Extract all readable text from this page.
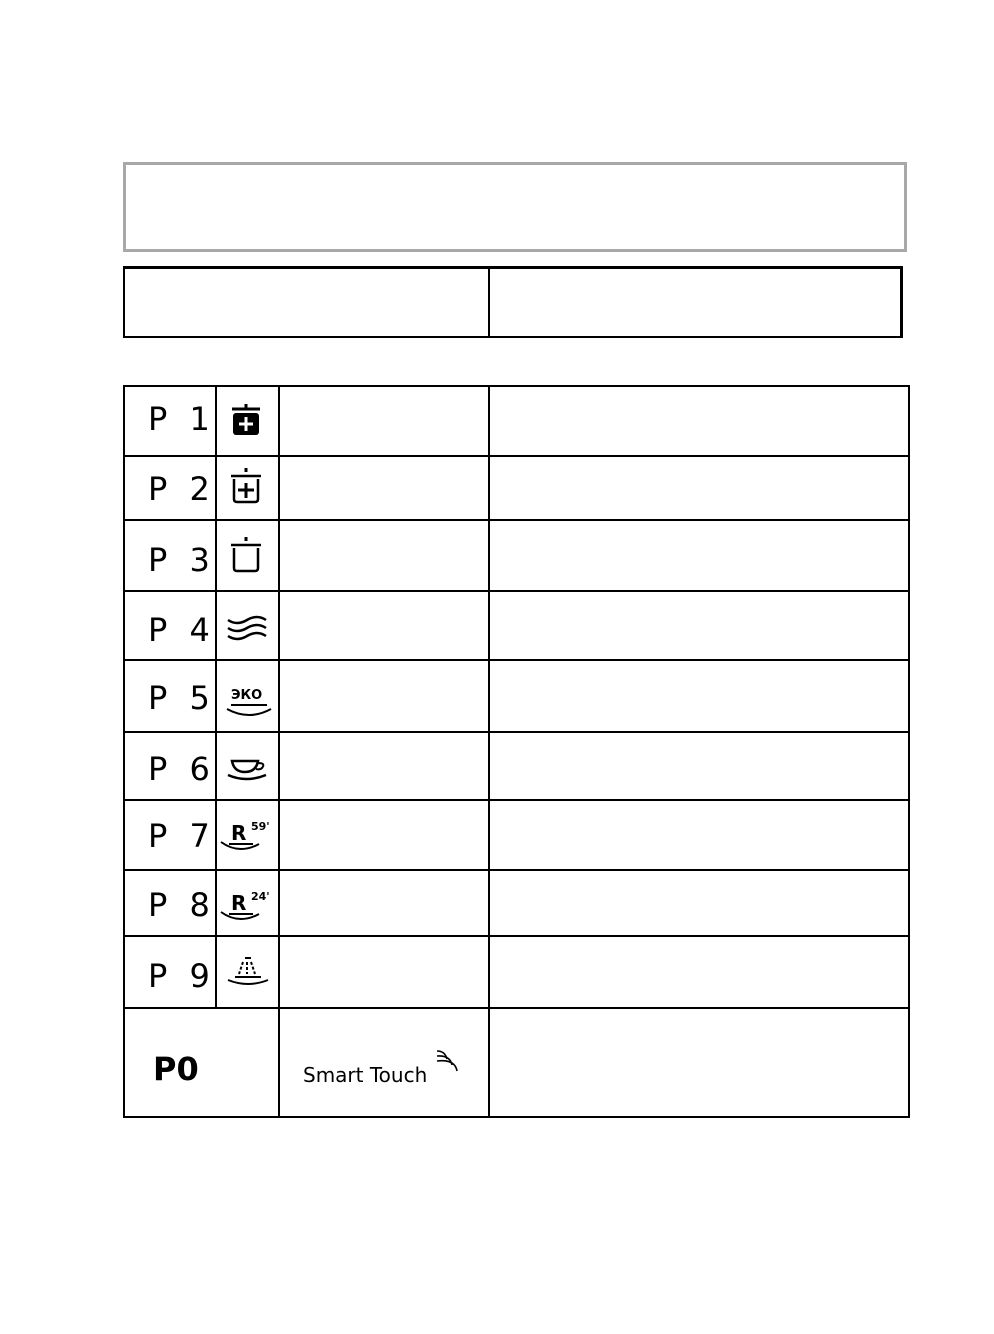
P 1
P 2
P 3
P 4
P 5 ЭКО
P 6
P 7 R 59'
P 8 R 24'
P 9
P0	Smart Touch
